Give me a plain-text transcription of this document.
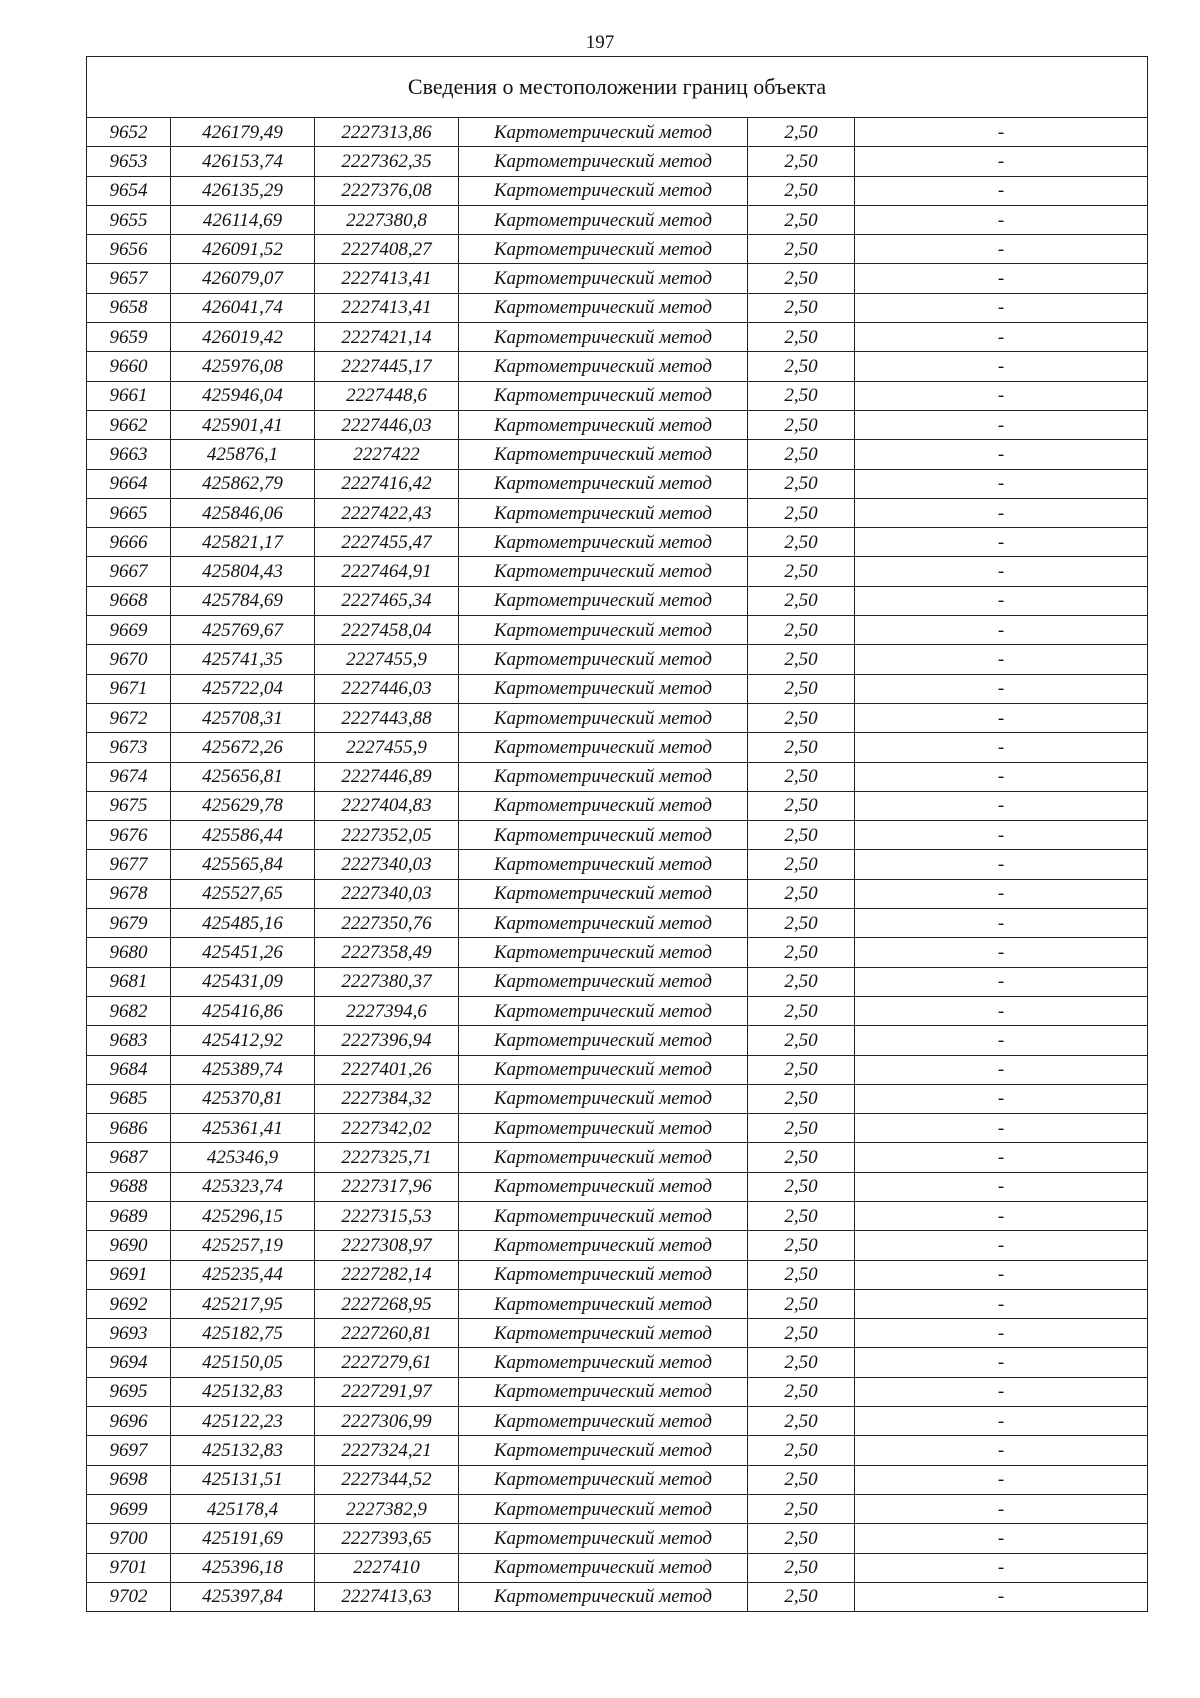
197
Сведения о местоположении границ объекта					
9652	426179,49	2227313,86	Картометрический метод	2,50	-
9653	426153,74	2227362,35	Картометрический метод	2,50	-
9654	426135,29	2227376,08	Картометрический метод	2,50	-
9655	426114,69	2227380,8	Картометрический метод	2,50	-
9656	426091,52	2227408,27	Картометрический метод	2,50	-
9657	426079,07	2227413,41	Картометрический метод	2,50	-
9658	426041,74	2227413,41	Картометрический метод	2,50	-
9659	426019,42	2227421,14	Картометрический метод	2,50	-
9660	425976,08	2227445,17	Картометрический метод	2,50	-
9661	425946,04	2227448,6	Картометрический метод	2,50	-
9662	425901,41	2227446,03	Картометрический метод	2,50	-
9663	425876,1	2227422	Картометрический метод	2,50	-
9664	425862,79	2227416,42	Картометрический метод	2,50	-
9665	425846,06	2227422,43	Картометрический метод	2,50	-
9666	425821,17	2227455,47	Картометрический метод	2,50	-
9667	425804,43	2227464,91	Картометрический метод	2,50	-
9668	425784,69	2227465,34	Картометрический метод	2,50	-
9669	425769,67	2227458,04	Картометрический метод	2,50	-
9670	425741,35	2227455,9	Картометрический метод	2,50	-
9671	425722,04	2227446,03	Картометрический метод	2,50	-
9672	425708,31	2227443,88	Картометрический метод	2,50	-
9673	425672,26	2227455,9	Картометрический метод	2,50	-
9674	425656,81	2227446,89	Картометрический метод	2,50	-
9675	425629,78	2227404,83	Картометрический метод	2,50	-
9676	425586,44	2227352,05	Картометрический метод	2,50	-
9677	425565,84	2227340,03	Картометрический метод	2,50	-
9678	425527,65	2227340,03	Картометрический метод	2,50	-
9679	425485,16	2227350,76	Картометрический метод	2,50	-
9680	425451,26	2227358,49	Картометрический метод	2,50	-
9681	425431,09	2227380,37	Картометрический метод	2,50	-
9682	425416,86	2227394,6	Картометрический метод	2,50	-
9683	425412,92	2227396,94	Картометрический метод	2,50	-
9684	425389,74	2227401,26	Картометрический метод	2,50	-
9685	425370,81	2227384,32	Картометрический метод	2,50	-
9686	425361,41	2227342,02	Картометрический метод	2,50	-
9687	425346,9	2227325,71	Картометрический метод	2,50	-
9688	425323,74	2227317,96	Картометрический метод	2,50	-
9689	425296,15	2227315,53	Картометрический метод	2,50	-
9690	425257,19	2227308,97	Картометрический метод	2,50	-
9691	425235,44	2227282,14	Картометрический метод	2,50	-
9692	425217,95	2227268,95	Картометрический метод	2,50	-
9693	425182,75	2227260,81	Картометрический метод	2,50	-
9694	425150,05	2227279,61	Картометрический метод	2,50	-
9695	425132,83	2227291,97	Картометрический метод	2,50	-
9696	425122,23	2227306,99	Картометрический метод	2,50	-
9697	425132,83	2227324,21	Картометрический метод	2,50	-
9698	425131,51	2227344,52	Картометрический метод	2,50	-
9699	425178,4	2227382,9	Картометрический метод	2,50	-
9700	425191,69	2227393,65	Картометрический метод	2,50	-
9701	425396,18	2227410	Картометрический метод	2,50	-
9702	425397,84	2227413,63	Картометрический метод	2,50	-
